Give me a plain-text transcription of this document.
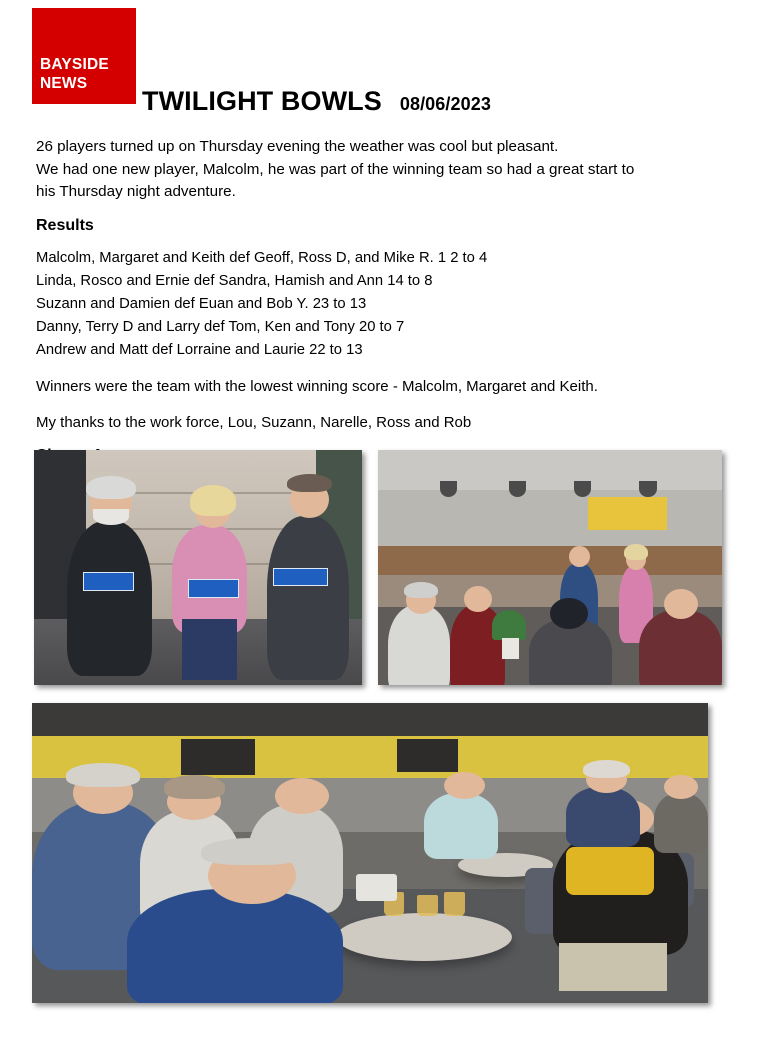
BAYSIDE
NEWS
TWILIGHT BOWLS 08/06/2023

26 players turned up on Thursday evening the weather was cool but pleasant.
We had one new player, Malcolm, he was part of the winning team so had a great start to
his Thursday night adventure.

Results

Malcolm, Margaret and Keith def Geoff, Ross D, and Mike R. 1 2 to 4
Linda, Rosco and Ernie def Sandra, Hamish and Ann 14 to 8
Suzann and Damien def Euan and Bob Y. 23 to 13
Danny, Terry D and Larry def Tom, Ken and Tony 20 to 7
Andrew and Matt def Lorraine and Laurie 22 to 13

Winners were the team with the lowest winning score - Malcolm, Margaret and Keith.

My thanks to the work force, Lou, Suzann, Narelle, Ross and Rob
